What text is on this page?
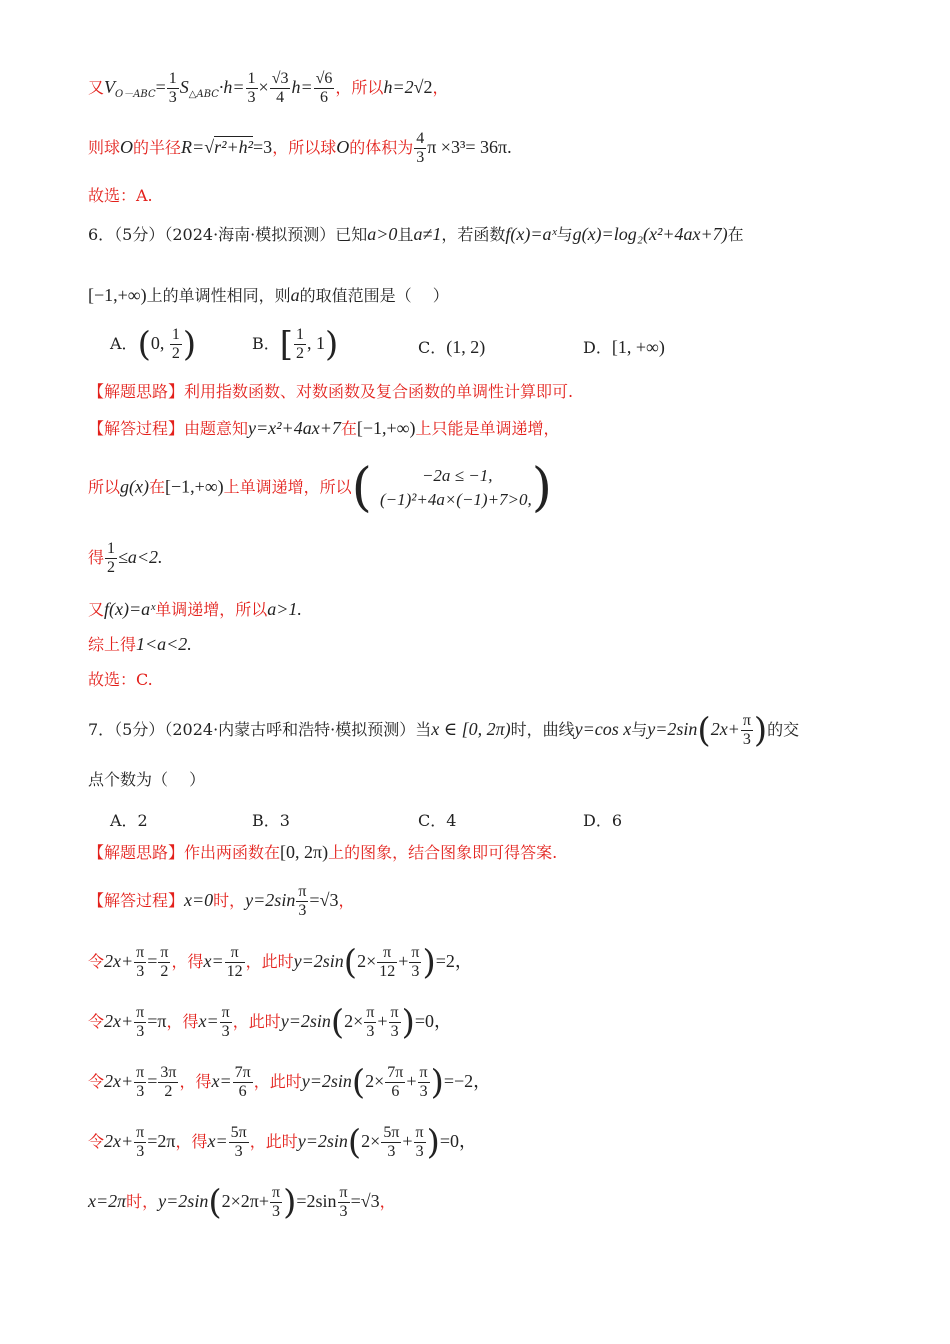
又$V_{O-ABC}= \frac{1}{3} S_{\triangle ABC}\cdot h= \frac{1}{3} \times \frac{√3}{4} h= \frac{√6}{6}$ ，所以h=2√2，
则球O的半径R=√r²+h²=3，所以球O的体积为 $\frac{4}{3}$ π ×3³= 36π.
故选：A.
6．（5分）（2024·海南·模拟预测）已知a>0且a≠1，若函数f(x)=aˣ与g(x)=log₂(x²+4ax+7)在
[−1,+∞)上的单调性相同，则a的取值范围是（　 ）
A．(0, $\frac{1}{2}$ )	B．[ $\frac{1}{2}$ , 1)	C．(1, 2)	D．[1, +∞)
【解题思路】利用指数函数、对数函数及复合函数的单调性计算即可.
【解答过程】由题意知y=x²+4ax+7在[−1,+∞)上只能是单调递增，
所以g(x)在[−1,+∞)上单调递增，所以(	−2a ≤ −1,
(−1)²+4a×(−1)+7>0, )
得 $\frac{1}{2} \le a<2$.
又f(x)=aˣ单调递增，所以a>1.
综上得1<a<2.
故选：C.
7．（5分）（2024·内蒙古呼和浩特·模拟预测）当x ∈ [0, 2π)时，曲线y=cos x与$y=2\sin(2x+ \frac{\pi}{3}$ )的交
点个数为（　 ）
A．2	B．3	C．4	D．6
【解题思路】作出两函数在[0, 2π)上的图象，结合图象即可得答案.
【解答过程】x=0时，$y=2\sin \frac{\pi}{3} =√3$，
令$2x+ \frac{\pi}{3} = \frac{\pi}{2}$ ，得$x= \frac{\pi}{12}$ ，此时$y=2\sin(2\times \frac{\pi}{12} + \frac{\pi}{3} )=2$，
令$2x+ \frac{\pi}{3} =\pi$，得$x= \frac{\pi}{3}$ ，此时$y=2\sin(2\times \frac{\pi}{3} + \frac{\pi}{3} )=0$，
令$2x+ \frac{\pi}{3} = \frac{3\pi}{2}$ ，得$x= \frac{7\pi}{6}$ ，此时$y=2\sin(2\times \frac{7\pi}{6} + \frac{\pi}{3} )=-2$，
令$2x+ \frac{\pi}{3} =2\pi$，得$x= \frac{5\pi}{3}$ ，此时$y=2\sin(2\times \frac{5\pi}{3} + \frac{\pi}{3} )=0$，
x=2π时，$y=2\sin(2\times 2\pi+ \frac{\pi}{3} )=2\sin \frac{\pi}{3} =√3$，
